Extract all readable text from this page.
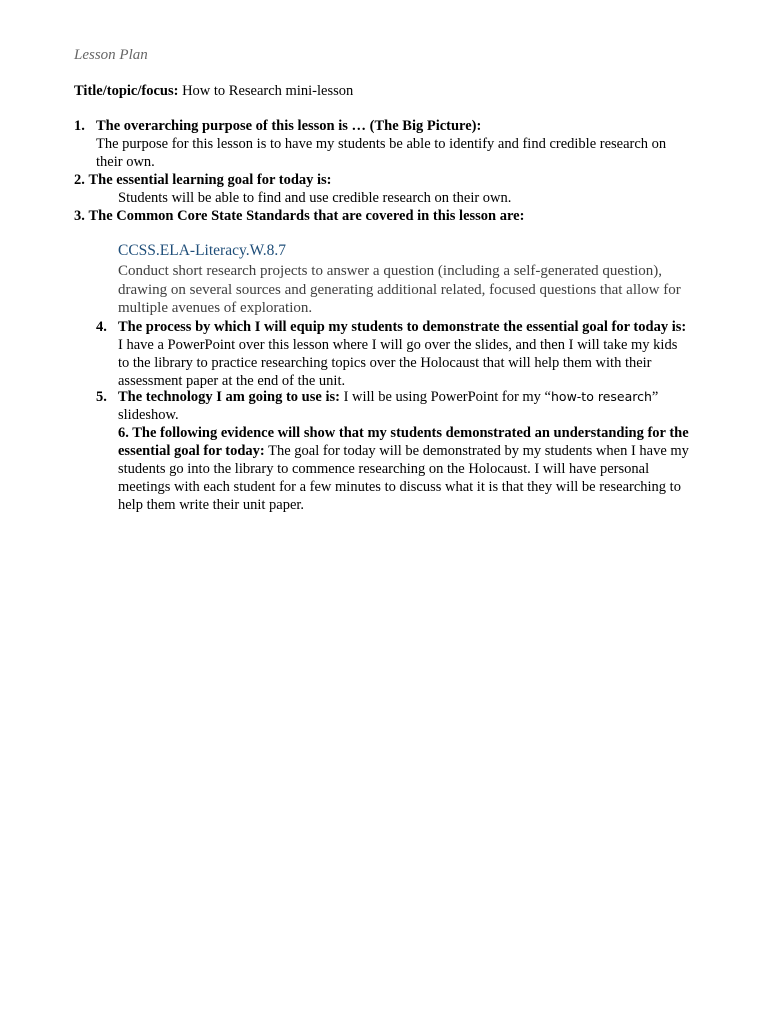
Lesson Plan
Title/topic/focus: How to Research mini-lesson
1. The overarching purpose of this lesson is … (The Big Picture):
The purpose for this lesson is to have my students be able to identify and find credible research on their own.
2. The essential learning goal for today is:
Students will be able to find and use credible research on their own.
3. The Common Core State Standards that are covered in this lesson are:
CCSS.ELA-Literacy.W.8.7
Conduct short research projects to answer a question (including a self-generated question), drawing on several sources and generating additional related, focused questions that allow for multiple avenues of exploration.
4. The process by which I will equip my students to demonstrate the essential goal for today is: I have a PowerPoint over this lesson where I will go over the slides, and then I will take my kids to the library to practice researching topics over the Holocaust that will help them with their assessment paper at the end of the unit.
5. The technology I am going to use is: I will be using PowerPoint for my “how-to research” slideshow.
6. The following evidence will show that my students demonstrated an understanding for the essential goal for today: The goal for today will be demonstrated by my students when I have my students go into the library to commence researching on the Holocaust. I will have personal meetings with each student for a few minutes to discuss what it is that they will be researching to help them write their unit paper.
